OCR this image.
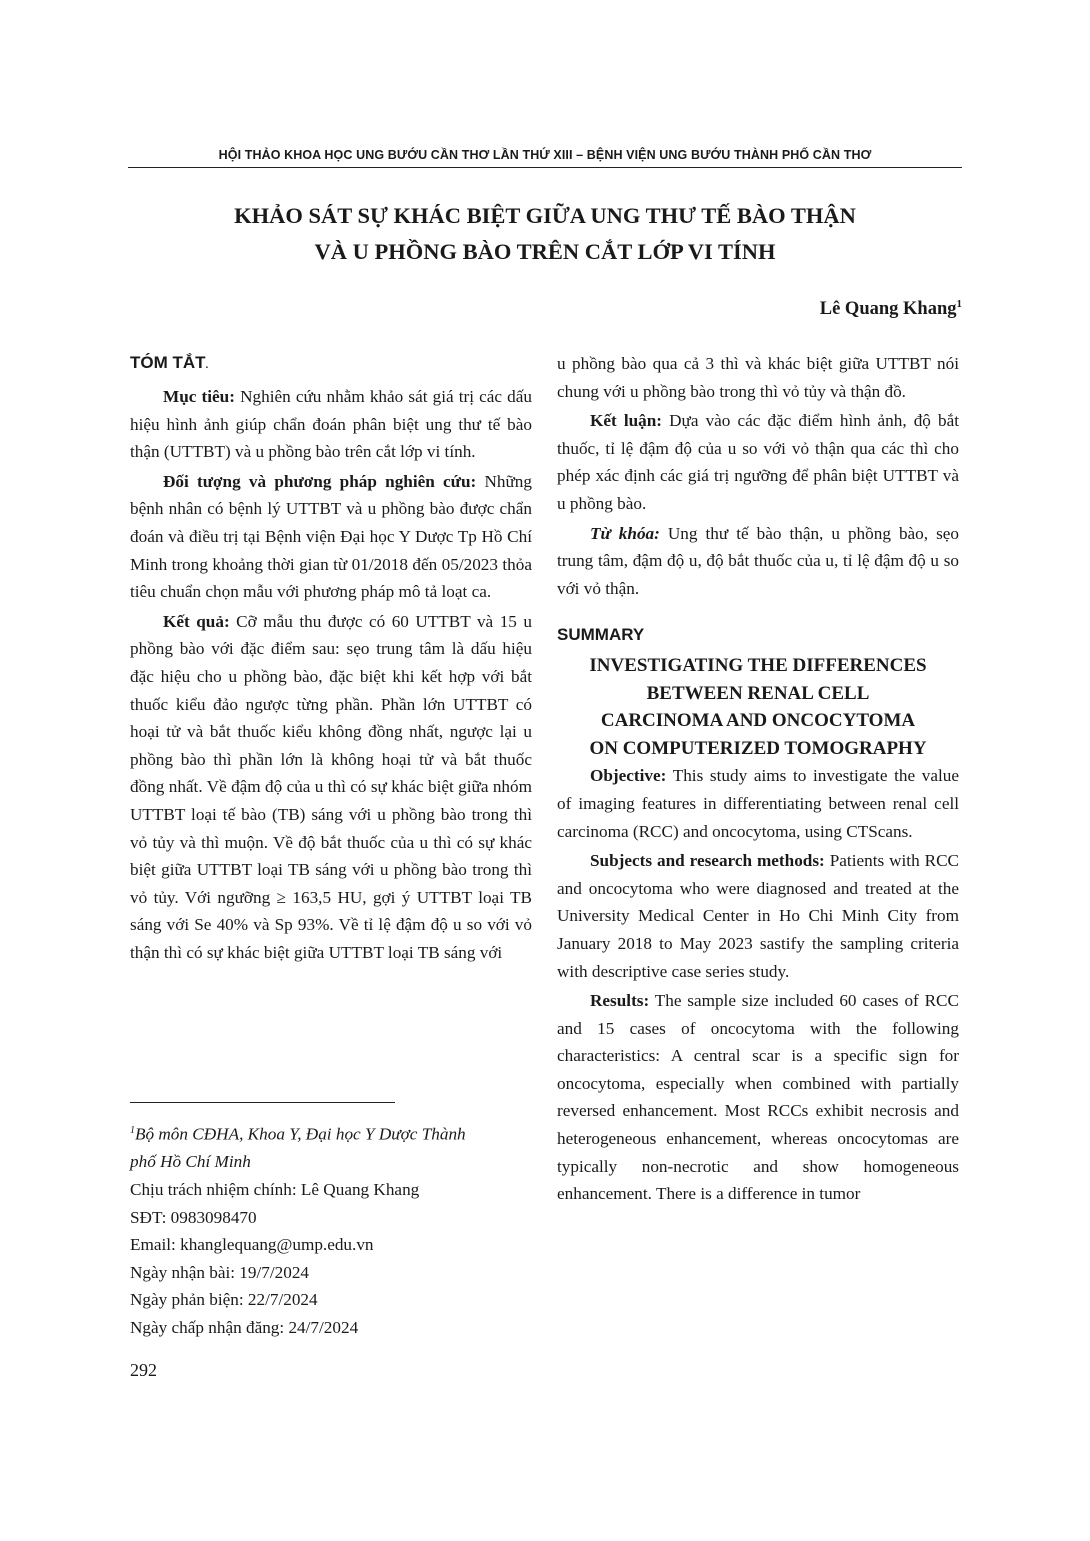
HỘI THẢO KHOA HỌC UNG BƯỚU CẦN THƠ LẦN THỨ XIII – BỆNH VIỆN UNG BƯỚU THÀNH PHỐ CẦN THƠ
KHẢO SÁT SỰ KHÁC BIỆT GIỮA UNG THƯ TẾ BÀO THẬN
VÀ U PHỒNG BÀO TRÊN CẮT LỚP VI TÍNH
Lê Quang Khang$^1$
TÓM TẮT.

Mục tiêu: Nghiên cứu nhằm khảo sát giá trị các dấu hiệu hình ảnh giúp chẩn đoán phân biệt ung thư tế bào thận (UTTBT) và u phồng bào trên cắt lớp vi tính.

Đối tượng và phương pháp nghiên cứu: Những bệnh nhân có bệnh lý UTTBT và u phồng bào được chẩn đoán và điều trị tại Bệnh viện Đại học Y Dược Tp Hồ Chí Minh trong khoảng thời gian từ 01/2018 đến 05/2023 thỏa tiêu chuẩn chọn mẫu với phương pháp mô tả loạt ca.

Kết quả: Cỡ mẫu thu được có 60 UTTBT và 15 u phồng bào với đặc điểm sau: sẹo trung tâm là dấu hiệu đặc hiệu cho u phồng bào, đặc biệt khi kết hợp với bắt thuốc kiểu đảo ngược từng phần. Phần lớn UTTBT có hoại tử và bắt thuốc kiểu không đồng nhất, ngược lại u phồng bào thì phần lớn là không hoại tử và bắt thuốc đồng nhất. Về đậm độ của u thì có sự khác biệt giữa nhóm UTTBT loại tế bào (TB) sáng với u phồng bào trong thì vỏ tủy và thì muộn. Về độ bắt thuốc của u thì có sự khác biệt giữa UTTBT loại TB sáng với u phồng bào trong thì vỏ tủy. Với ngưỡng ≥ 163,5 HU, gợi ý UTTBT loại TB sáng với Se 40% và Sp 93%. Về tỉ lệ đậm độ u so với vỏ thận thì có sự khác biệt giữa UTTBT loại TB sáng với

$^1$Bộ môn CĐHA, Khoa Y, Đại học Y Dược Thành
phố Hồ Chí Minh
Chịu trách nhiệm chính: Lê Quang Khang
SĐT: 0983098470
Email: khanglequang@ump.edu.vn
Ngày nhận bài: 19/7/2024
Ngày phản biện: 22/7/2024
Ngày chấp nhận đăng: 24/7/2024

u phồng bào qua cả 3 thì và khác biệt giữa UTTBT nói chung với u phồng bào trong thì vỏ tủy và thận đồ.

Kết luận: Dựa vào các đặc điểm hình ảnh, độ bắt thuốc, tỉ lệ đậm độ của u so với vỏ thận qua các thì cho phép xác định các giá trị ngưỡng để phân biệt UTTBT và u phồng bào.

Từ khóa: Ung thư tế bào thận, u phồng bào, sẹo trung tâm, đậm độ u, độ bắt thuốc của u, tỉ lệ đậm độ u so với vỏ thận.

SUMMARY
INVESTIGATING THE DIFFERENCES
BETWEEN RENAL CELL
CARCINOMA AND ONCOCYTOMA
ON COMPUTERIZED TOMOGRAPHY

Objective: This study aims to investigate the value of imaging features in differentiating between renal cell carcinoma (RCC) and oncocytoma, using CTScans.

Subjects and research methods: Patients with RCC and oncocytoma who were diagnosed and treated at the University Medical Center in Ho Chi Minh City from January 2018 to May 2023 sastify the sampling criteria with descriptive case series study.

Results: The sample size included 60 cases of RCC and 15 cases of oncocytoma with the following characteristics: A central scar is a specific sign for oncocytoma, especially when combined with partially reversed enhancement. Most RCCs exhibit necrosis and heterogeneous enhancement, whereas oncocytomas are typically non-necrotic and show homogeneous enhancement. There is a difference in tumor

292
